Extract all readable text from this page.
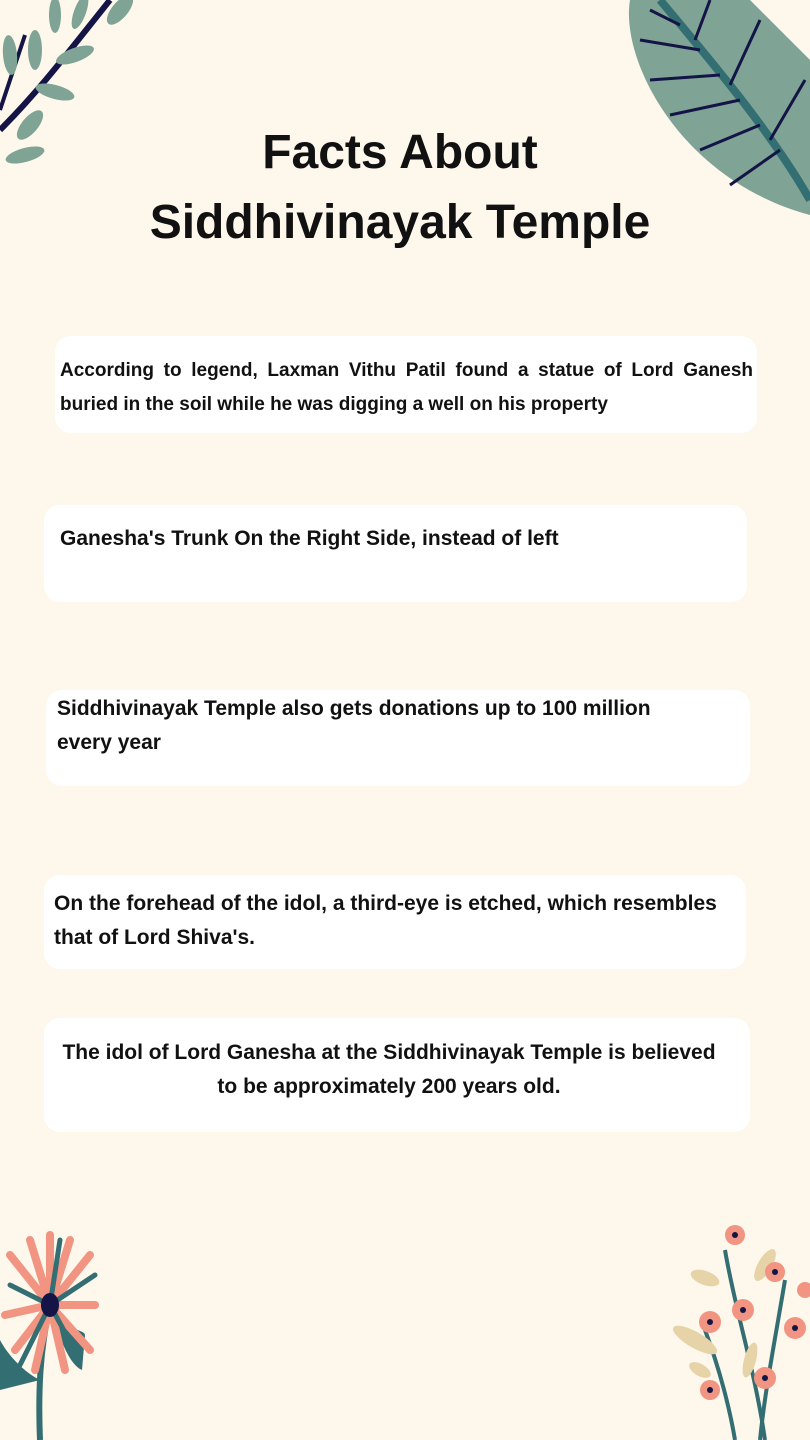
Facts About
Siddhivinayak Temple
According to legend, Laxman Vithu Patil found a statue of Lord Ganesh buried in the soil while he was digging a well on his property
Ganesha's Trunk On the Right Side, instead of left
Siddhivinayak Temple also gets donations up to 100 million every year
On the forehead of the idol, a third-eye is etched, which resembles that of Lord Shiva's.
The idol of Lord Ganesha at the Siddhivinayak Temple is believed to be approximately 200 years old.
